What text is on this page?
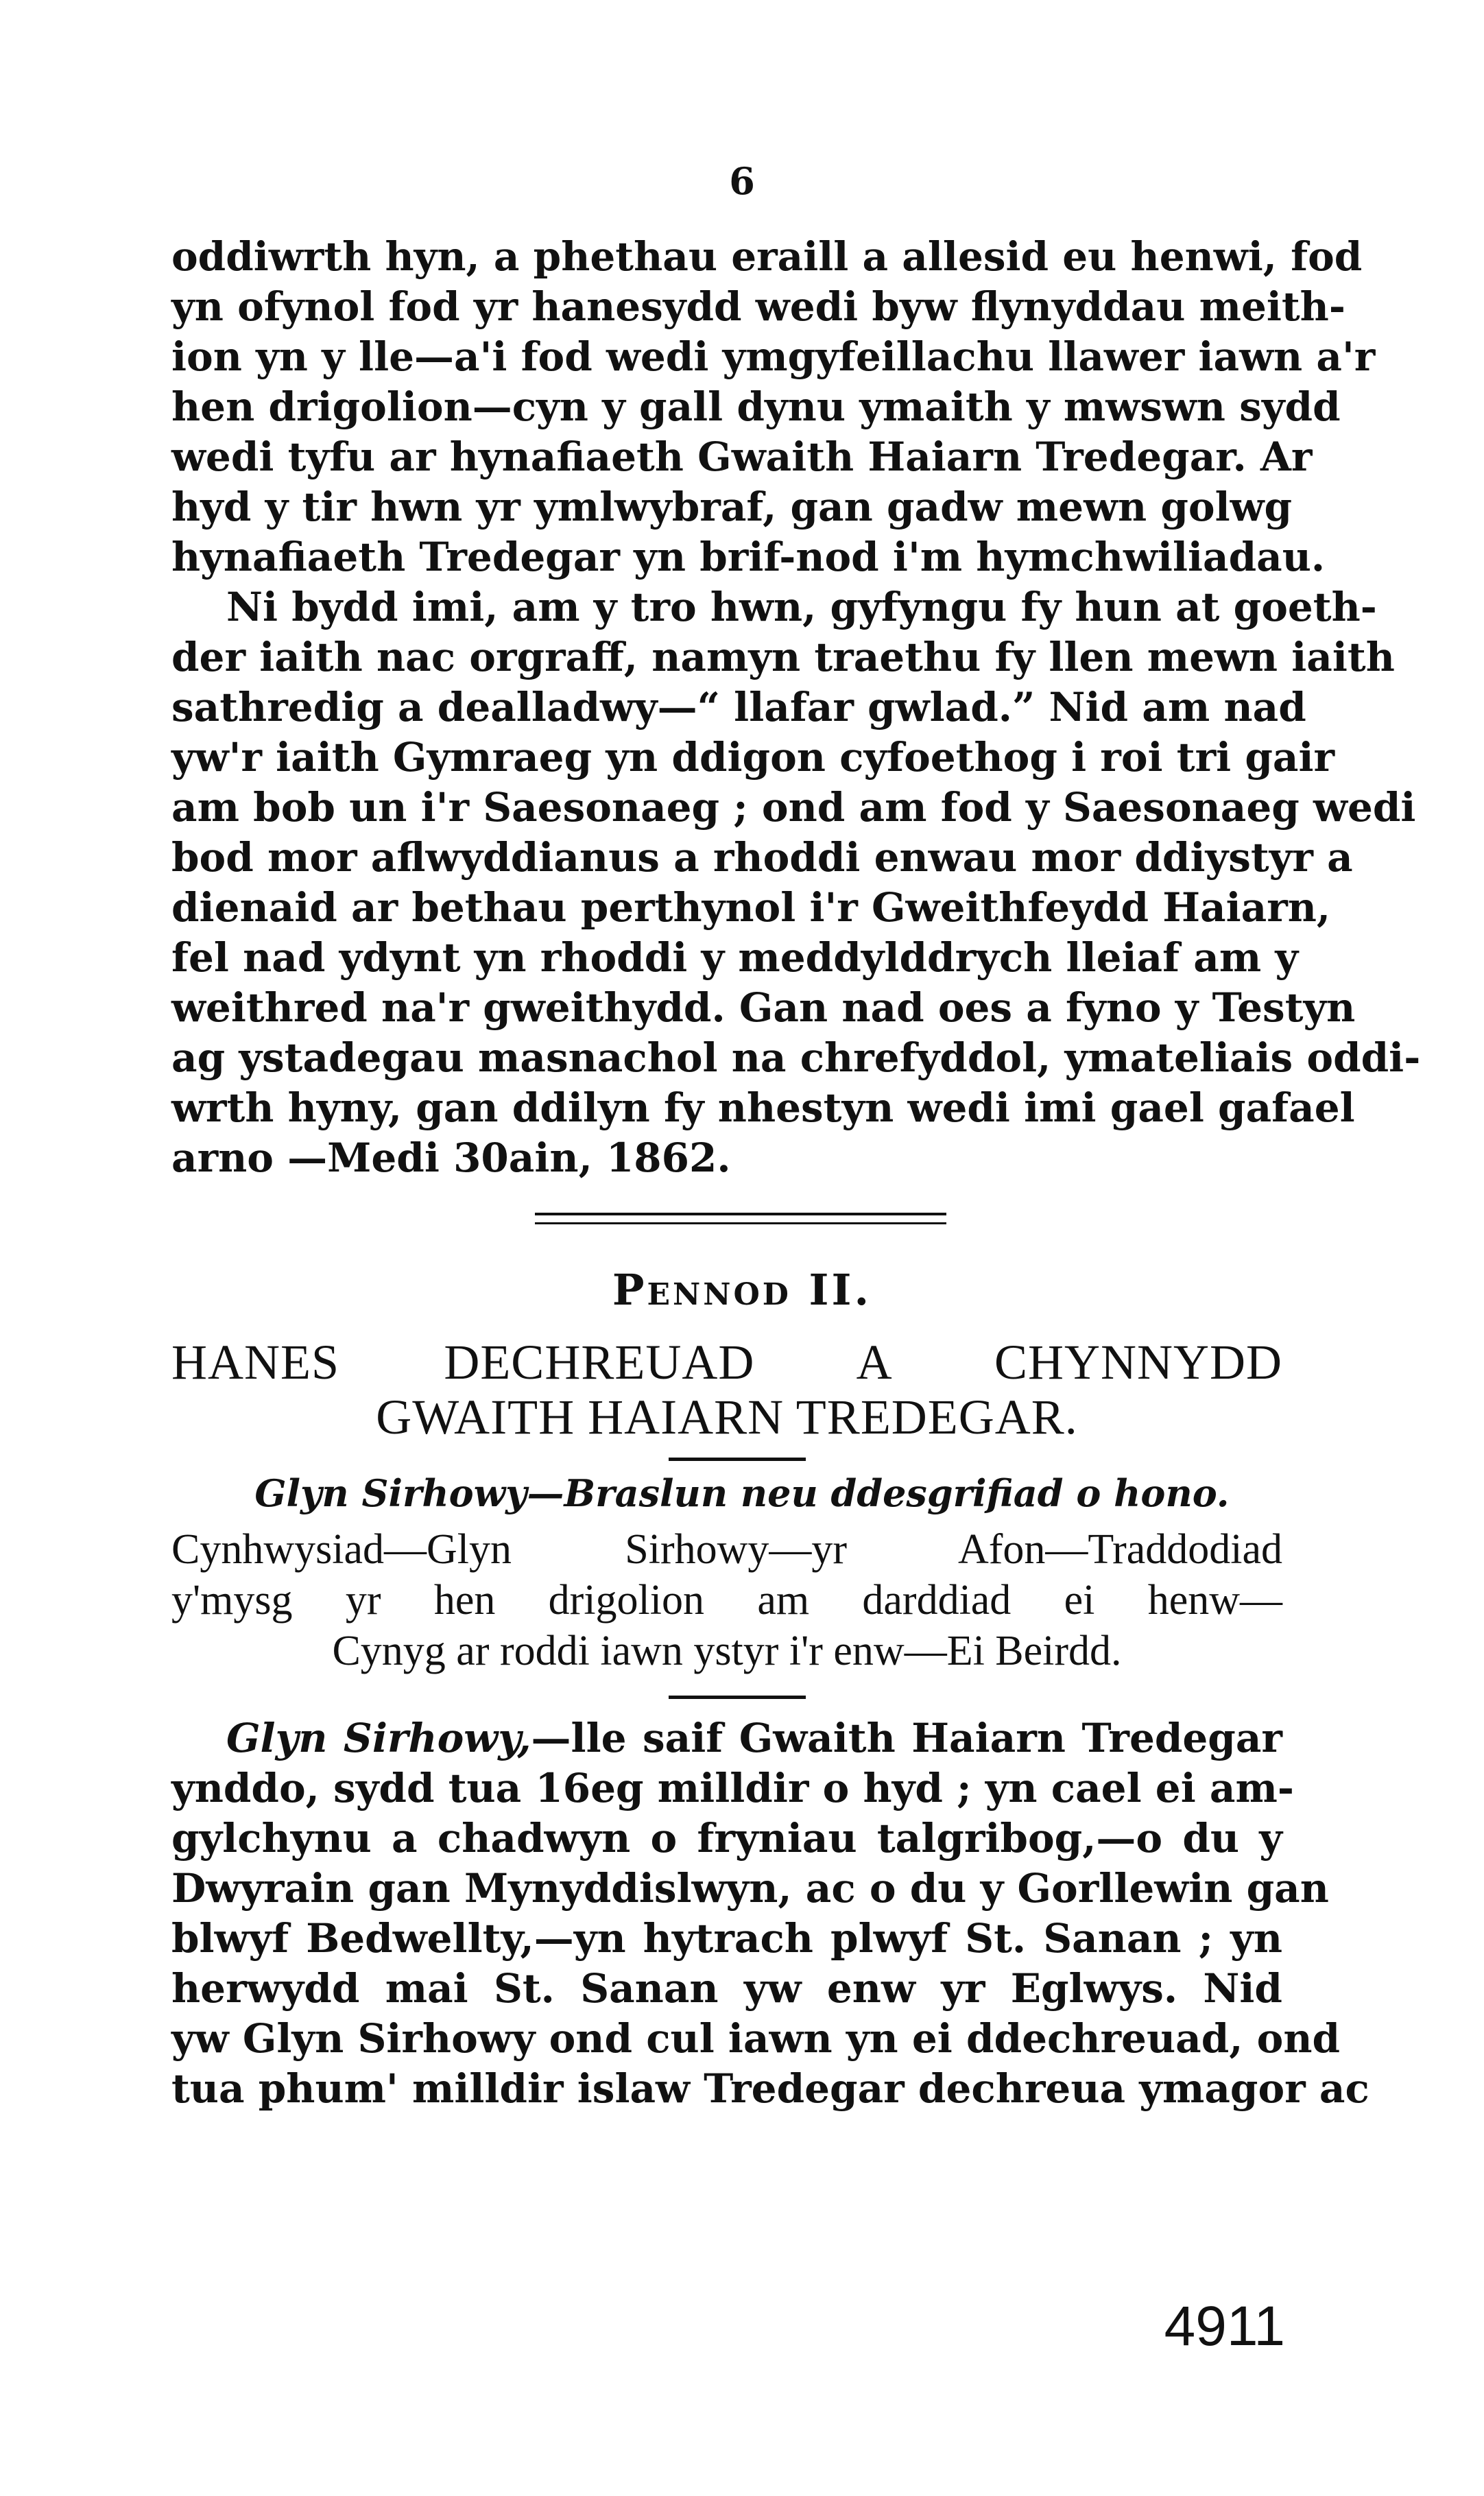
6
oddiwrth hyn, a phethau eraill a allesid eu henwi, fod
yn ofynol fod yr hanesydd wedi byw flynyddau meith-
ion yn y lle—a'i fod wedi ymgyfeillachu llawer iawn a'r
hen drigolion—cyn y gall dynu ymaith y mwswn sydd
wedi tyfu ar hynafiaeth Gwaith Haiarn Tredegar. Ar
hyd y tir hwn yr ymlwybraf, gan gadw mewn golwg
hynafiaeth Tredegar yn brif-nod i'm hymchwiliadau.
Ni bydd imi, am y tro hwn, gyfyngu fy hun at goeth-
der iaith nac orgraff, namyn traethu fy llen mewn iaith
sathredig a dealladwy—“ llafar gwlad.” Nid am nad
yw'r iaith Gymraeg yn ddigon cyfoethog i roi tri gair
am bob un i'r Saesonaeg ; ond am fod y Saesonaeg wedi
bod mor aflwyddianus a rhoddi enwau mor ddiystyr a
dienaid ar bethau perthynol i'r Gweithfeydd Haiarn,
fel nad ydynt yn rhoddi y meddylddrych lleiaf am y
weithred na'r gweithydd. Gan nad oes a fyno y Testyn
ag ystadegau masnachol na chrefyddol, ymateliais oddi-
wrth hyny, gan ddilyn fy nhestyn wedi imi gael gafael
arno —Medi 30ain, 1862.
PENNOD II.
HANES DECHREUAD A CHYNNYDD
GWAITH HAIARN TREDEGAR.
Glyn Sirhowy—Braslun neu ddesgrifiad o hono.
Cynhwysiad—Glyn Sirhowy—yr Afon—Traddodiad
y'mysg yr hen drigolion am darddiad ei henw—
Cynyg ar roddi iawn ystyr i'r enw—Ei Beirdd.
Glyn Sirhowy,—lle saif Gwaith Haiarn Tredegar
ynddo, sydd tua 16eg milldir o hyd ; yn cael ei am-
gylchynu a chadwyn o fryniau talgribog,—o du y
Dwyrain gan Mynyddislwyn, ac o du y Gorllewin gan
blwyf Bedwellty,—yn hytrach plwyf St. Sanan ; yn
herwydd mai St. Sanan yw enw yr Eglwys. Nid
yw Glyn Sirhowy ond cul iawn yn ei ddechreuad, ond
tua phum' milldir islaw Tredegar dechreua ymagor ac
4911
